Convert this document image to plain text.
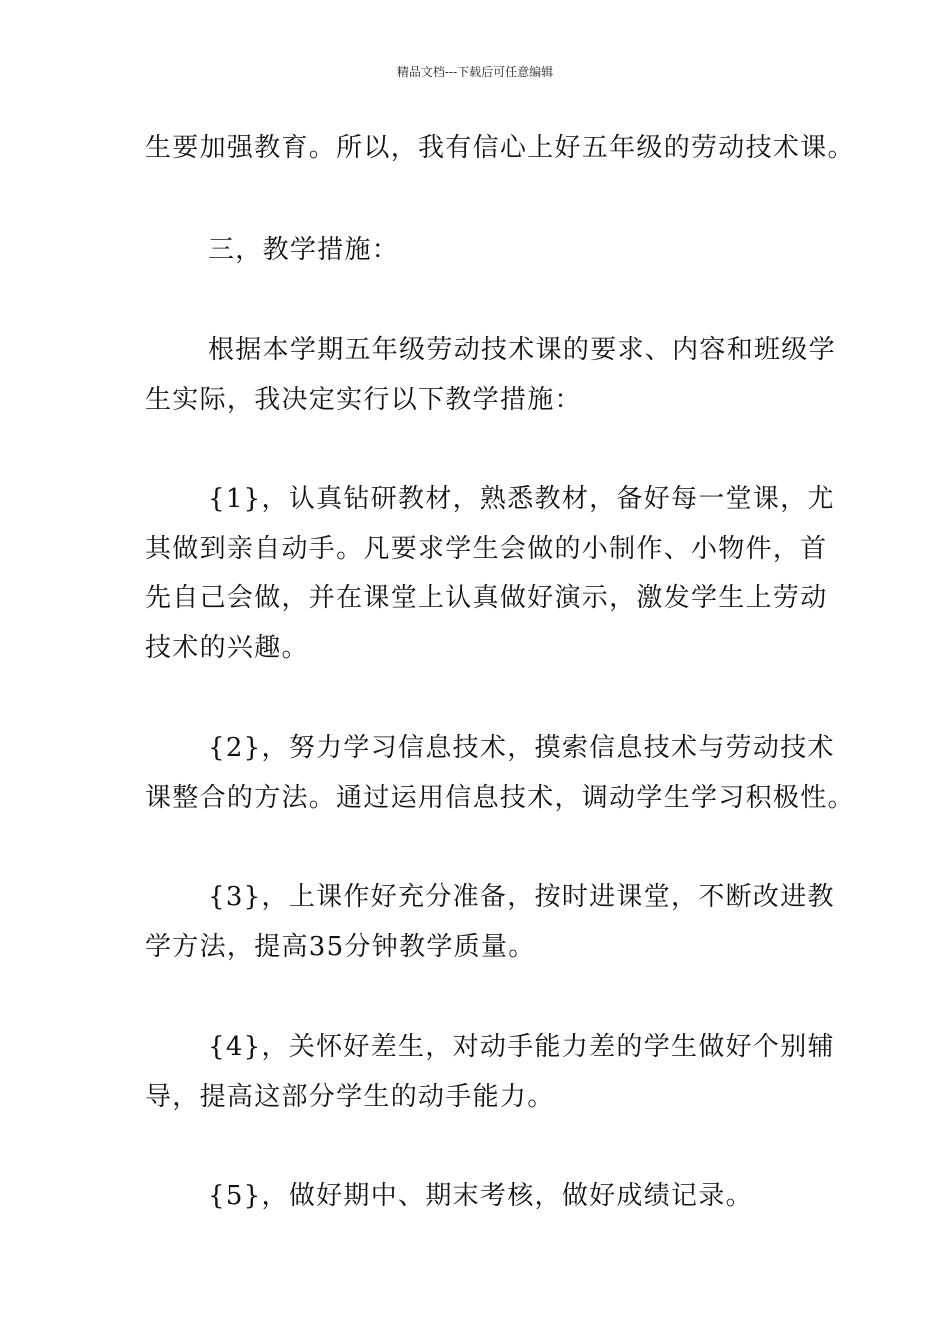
精品文档---下载后可任意编辑
生要加强教育。所以，我有信心上好五年级的劳动技术课。
三，教学措施：
根据本学期五年级劳动技术课的要求、内容和班级学
生实际，我决定实行以下教学措施：
{1}，认真钻研教材，熟悉教材，备好每一堂课，尤
其做到亲自动手。凡要求学生会做的小制作、小物件，首
先自己会做，并在课堂上认真做好演示，激发学生上劳动
技术的兴趣。
{2}，努力学习信息技术，摸索信息技术与劳动技术
课整合的方法。通过运用信息技术，调动学生学习积极性。
{3}，上课作好充分准备，按时进课堂，不断改进教
学方法，提高35分钟教学质量。
{4}，关怀好差生，对动手能力差的学生做好个别辅
导，提高这部分学生的动手能力。
{5}，做好期中、期末考核，做好成绩记录。
